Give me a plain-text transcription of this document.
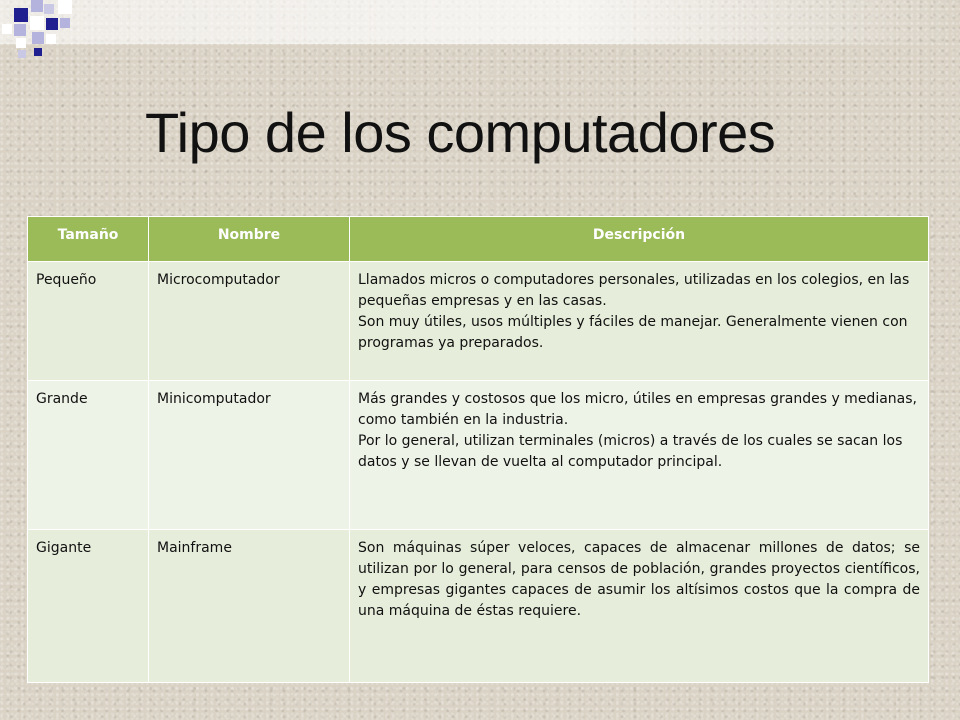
Tipo de los computadores
Tamaño	Nombre	Descripción
Pequeño	Microcomputador	Llamados micros o computadores personales, utilizadas en los colegios, en las pequeñas empresas y en las casas.

Son muy útiles, usos múltiples y fáciles de manejar. Generalmente vienen con programas ya preparados.

Grande	Minicomputador	Más grandes y costosos que los micro, útiles en empresas grandes y medianas, como también en la industria.

Por lo general, utilizan terminales (micros) a través de los cuales se sacan los datos y se llevan de vuelta al computador principal.

Gigante	Mainframe	Son máquinas súper veloces, capaces de almacenar millones de datos; se utilizan por lo general, para censos de población, grandes proyectos científicos, y empresas gigantes capaces de asumir los altísimos costos que la compra de una máquina de éstas requiere.
